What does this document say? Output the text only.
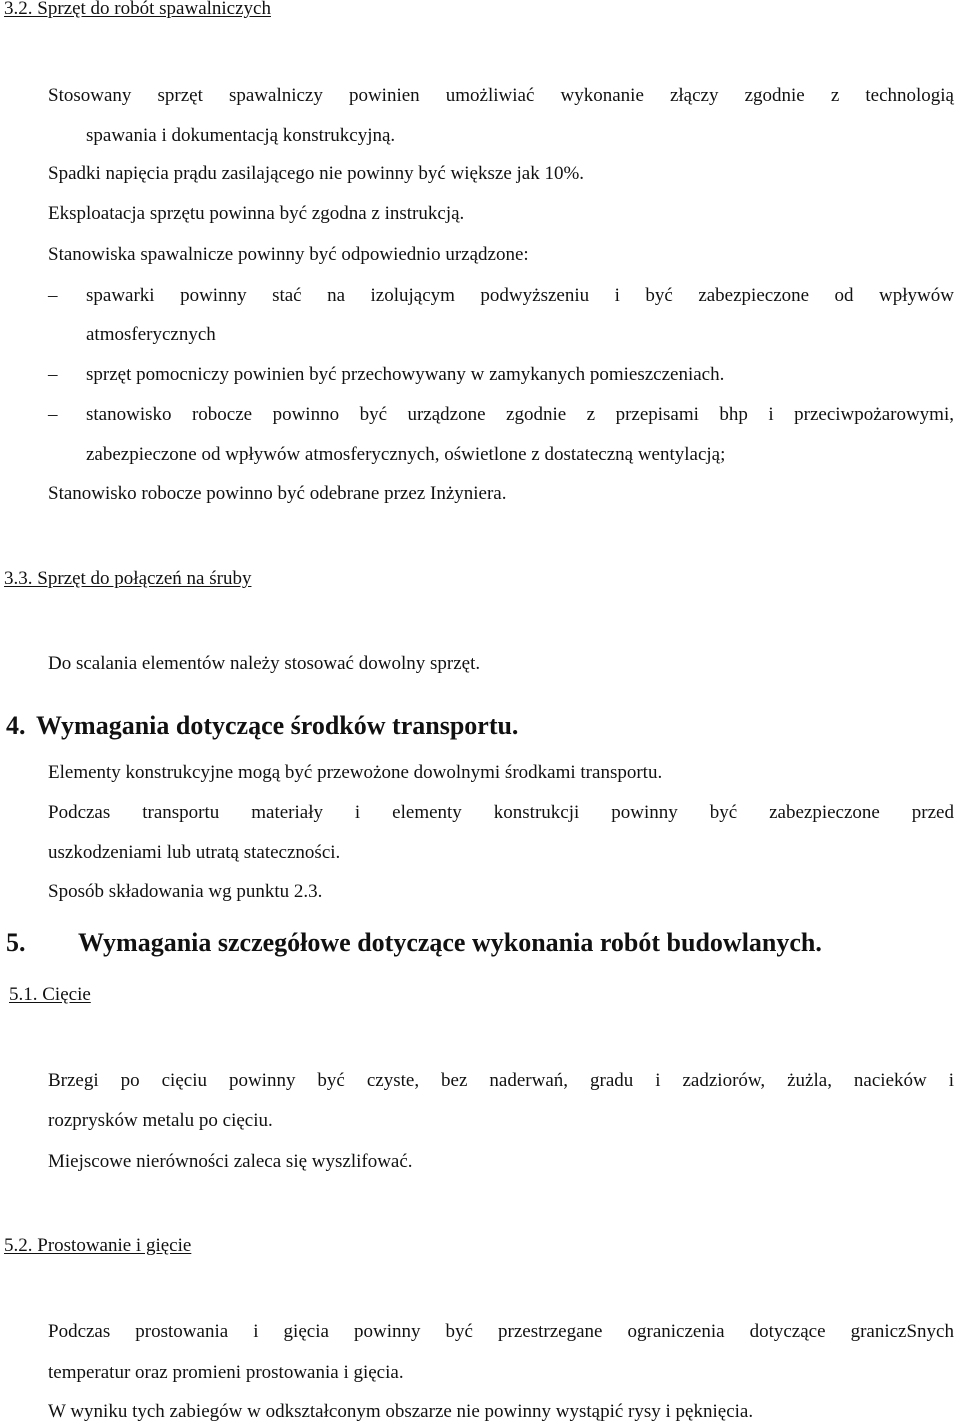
3.2. Sprzęt do robót spawalniczych
Stosowany sprzęt spawalniczy powinien umożliwiać wykonanie złączy zgodnie z technologią
spawania i dokumentacją konstrukcyjną.
Spadki napięcia prądu zasilającego nie powinny być większe jak 10%.
Eksploatacja sprzętu powinna być zgodna z instrukcją.
Stanowiska spawalnicze powinny być odpowiednio urządzone:
– spawarki powinny stać na izolującym podwyższeniu i być zabezpieczone od wpływów
atmosferycznych
– sprzęt pomocniczy powinien być przechowywany w zamykanych pomieszczeniach.
– stanowisko robocze powinno być urządzone zgodnie z przepisami bhp i przeciwpożarowymi,
zabezpieczone od wpływów atmosferycznych, oświetlone z dostateczną wentylacją;
Stanowisko robocze powinno być odebrane przez Inżyniera.
3.3. Sprzęt do połączeń na śruby
Do scalania elementów należy stosować dowolny sprzęt.
4. Wymagania dotyczące środków transportu.
Elementy konstrukcyjne mogą być przewożone dowolnymi środkami transportu.
Podczas transportu materiały i elementy konstrukcji powinny być zabezpieczone przed
uszkodzeniami lub utratą stateczności.
Sposób składowania wg punktu 2.3.
5. Wymagania szczegółowe dotyczące wykonania robót budowlanych.
5.1. Cięcie
Brzegi po cięciu powinny być czyste, bez naderwań, gradu i zadziorów, żużla, nacieków i
rozprysków metalu po cięciu.
Miejscowe nierówności zaleca się wyszlifować.
5.2. Prostowanie i gięcie
Podczas prostowania i gięcia powinny być przestrzegane ograniczenia dotyczące graniczSnych
temperatur oraz promieni prostowania i gięcia.
W wyniku tych zabiegów w odkształconym obszarze nie powinny wystąpić rysy i pęknięcia.
